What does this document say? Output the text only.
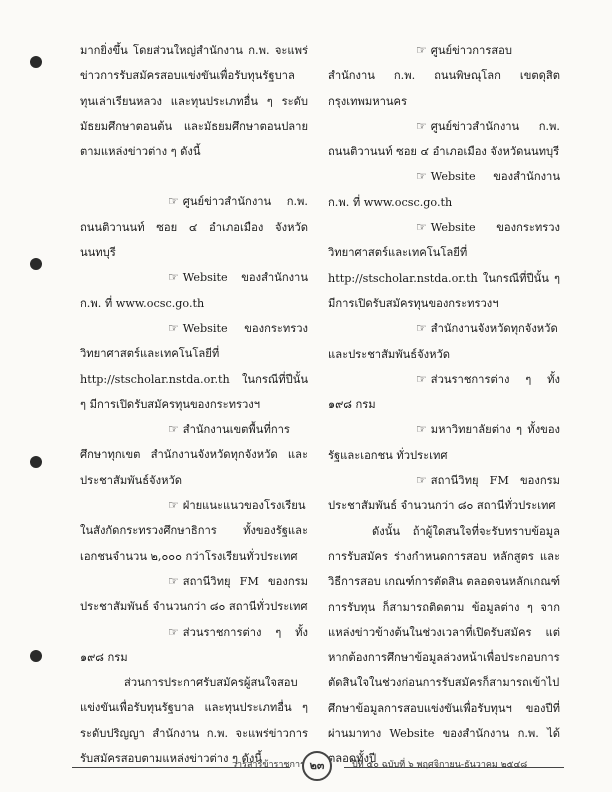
มากยิ่งขึ้น โดยส่วนใหญ่สำนักงาน ก.พ. จะแพร่ข่าวการรับสมัครสอบแข่งขันเพื่อรับทุนรัฐบาล ทุนเล่าเรียนหลวง และทุนประเภทอื่น ๆ ระดับมัธยมศึกษาตอนต้น และมัธยมศึกษาตอนปลาย ตามแหล่งข่าวต่าง ๆ ดังนี้

☞ ศูนย์ข่าวสำนักงาน ก.พ. ถนนติวานนท์ ซอย ๔ อำเภอเมือง จังหวัดนนทบุรี

☞ Website ของสำนักงาน ก.พ. ที่ www.ocsc.go.th

☞ Website ของกระทรวงวิทยาศาสตร์และเทคโนโลยีที่ http://stscholar.nstda.or.th ในกรณีที่ปีนั้น ๆ มีการเปิดรับสมัครทุนของกระทรวงฯ

☞ สำนักงานเขตพื้นที่การศึกษาทุกเขต สำนักงานจังหวัดทุกจังหวัด และประชาสัมพันธ์จังหวัด

☞ ฝ่ายแนะแนวของโรงเรียนในสังกัดกระทรวงศึกษาธิการ ทั้งของรัฐและเอกชนจำนวน ๒,๐๐๐ กว่าโรงเรียนทั่วประเทศ

☞ สถานีวิทยุ FM ของกรมประชาสัมพันธ์ จำนวนกว่า ๘๐ สถานีทั่วประเทศ

☞ ส่วนราชการต่าง ๆ ทั้ง ๑๙๘ กรม

ส่วนการประกาศรับสมัครผู้สนใจสอบแข่งขันเพื่อรับทุนรัฐบาล และทุนประเภทอื่น ๆ ระดับปริญญา สำนักงาน ก.พ. จะแพร่ข่าวการรับสมัครสอบตามแหล่งข่าวต่าง ๆ ดังนี้

☞ ศูนย์ข่าวการสอบ สำนักงาน ก.พ. ถนนพิษณุโลก เขตดุสิต กรุงเทพมหานคร

☞ ศูนย์ข่าวสำนักงาน ก.พ. ถนนติวานนท์ ซอย ๔ อำเภอเมือง จังหวัดนนทบุรี

☞ Website ของสำนักงาน ก.พ. ที่ www.ocsc.go.th

☞ Website ของกระทรวงวิทยาศาสตร์และเทคโนโลยีที่ http://stscholar.nstda.or.th ในกรณีที่ปีนั้น ๆ มีการเปิดรับสมัครทุนของกระทรวงฯ

☞ สำนักงานจังหวัดทุกจังหวัด และประชาสัมพันธ์จังหวัด

☞ ส่วนราชการต่าง ๆ ทั้ง ๑๙๘ กรม

☞ มหาวิทยาลัยต่าง ๆ ทั้งของรัฐและเอกชน ทั่วประเทศ

☞ สถานีวิทยุ FM ของกรมประชาสัมพันธ์ จำนวนกว่า ๘๐ สถานีทั่วประเทศ

ดังนั้น ถ้าผู้ใดสนใจที่จะรับทราบข้อมูลการรับสมัคร ร่างกำหนดการสอบ หลักสูตร และวิธีการสอบ เกณฑ์การตัดสิน ตลอดจนหลักเกณฑ์การรับทุน ก็สามารถติดตาม ข้อมูลต่าง ๆ จากแหล่งข่าวข้างต้นในช่วงเวลาที่เปิดรับสมัคร แต่หากต้องการศึกษาข้อมูลล่วงหน้าเพื่อประกอบการตัดสินใจในช่วงก่อนการรับสมัครก็สามารถเข้าไปศึกษาข้อมูลการสอบแข่งขันเพื่อรับทุนฯ ของปีที่ผ่านมาทาง Website ของสำนักงาน ก.พ. ได้ตลอดทั้งปี

วารสารข้าราชการ ๒๓	ปีที่ ๕๐ ฉบับที่ ๖ พฤศจิกายน-ธันวาคม ๒๕๔๘
